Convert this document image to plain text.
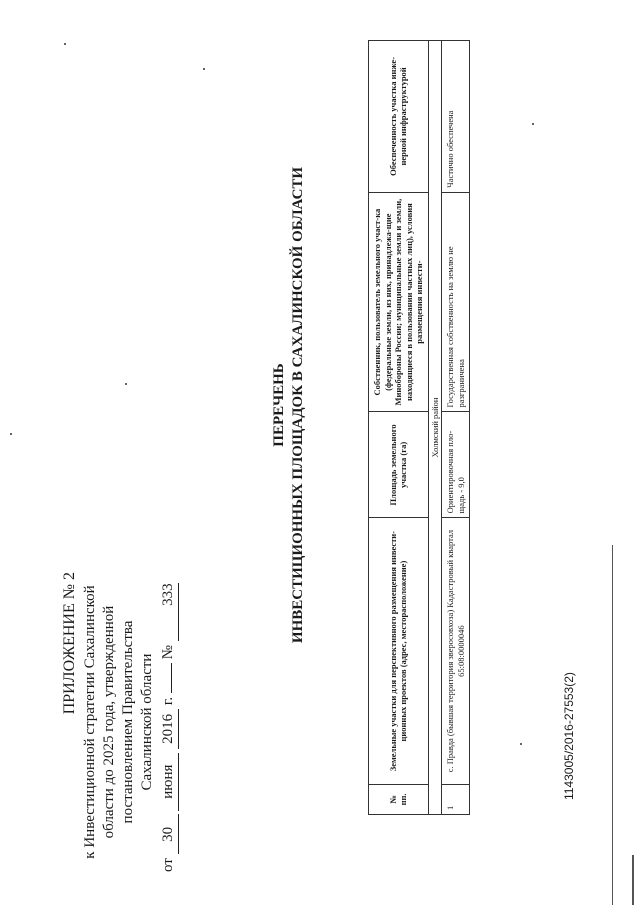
ПРИЛОЖЕНИЕ № 2 к Инвестиционной стратегии Сахалинской области до 2025 года, утвержденной постановлением Правительства Сахалинской области
от 30 июня 2016 г.  № 333
ПЕРЕЧЕНЬ ИНВЕСТИЦИОННЫХ ПЛОЩАДОК В САХАЛИНСКОЙ ОБЛАСТИ
№ пп.	Земельные участки для перспективного размещения инвести-ционных проектов (адрес, месторасположение)	Площадь земельного участка (га)	Собственник, пользователь земельного участ-ка (федеральные земли, из них, принадлежа-щие Минобороны России; муниципальные земли и земли, находящиеся в пользовании частных лиц), условия размещения инвести-	Обеспеченность участка инже-нерной инфраструктурой
Холмский район				
1	с. Правда (бывшая территория звероcовхоза) Кадастровый квартал 65:08:0000046	Ориентировочная пло-щадь - 9,0	Государственная собственность на землю не разграничена	Частично обеспечена
1143005/2016-27553(2)
